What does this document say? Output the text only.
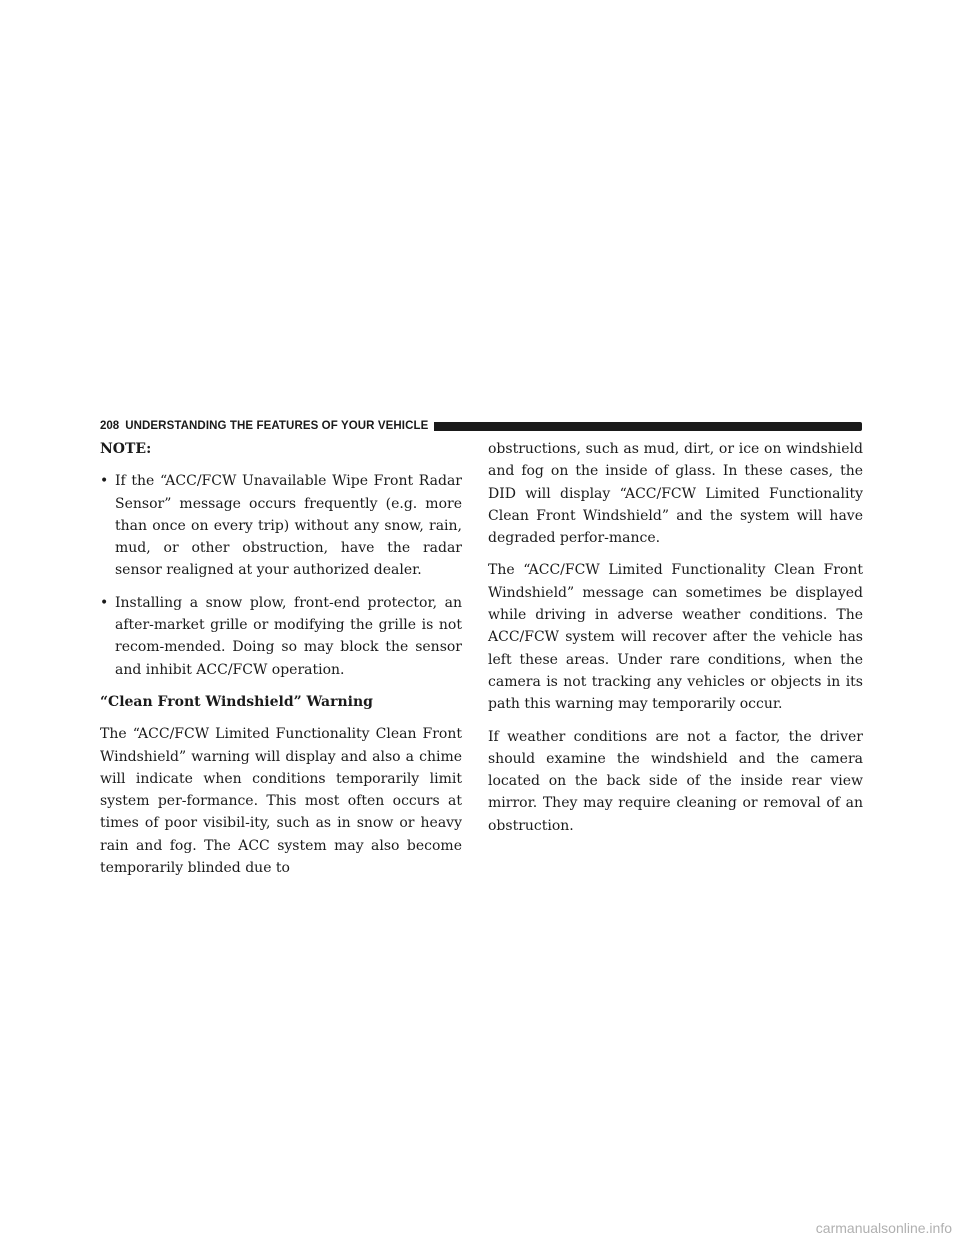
208 UNDERSTANDING THE FEATURES OF YOUR VEHICLE
NOTE:
• If the “ACC/FCW Unavailable Wipe Front Radar Sensor” message occurs frequently (e.g. more than once on every trip) without any snow, rain, mud, or other obstruction, have the radar sensor realigned at your authorized dealer.
• Installing a snow plow, front-end protector, an after-market grille or modifying the grille is not recom-mended. Doing so may block the sensor and inhibit ACC/FCW operation.
“Clean Front Windshield” Warning

The “ACC/FCW Limited Functionality Clean Front Windshield” warning will display and also a chime will indicate when conditions temporarily limit system per-formance. This most often occurs at times of poor visibil-ity, such as in snow or heavy rain and fog. The ACC system may also become temporarily blinded due to

obstructions, such as mud, dirt, or ice on windshield and fog on the inside of glass. In these cases, the DID will display “ACC/FCW Limited Functionality Clean Front Windshield” and the system will have degraded perfor-mance.

The “ACC/FCW Limited Functionality Clean Front Windshield” message can sometimes be displayed while driving in adverse weather conditions. The ACC/FCW system will recover after the vehicle has left these areas. Under rare conditions, when the camera is not tracking any vehicles or objects in its path this warning may temporarily occur.

If weather conditions are not a factor, the driver should examine the windshield and the camera located on the back side of the inside rear view mirror. They may require cleaning or removal of an obstruction.

carmanualsonline.info
